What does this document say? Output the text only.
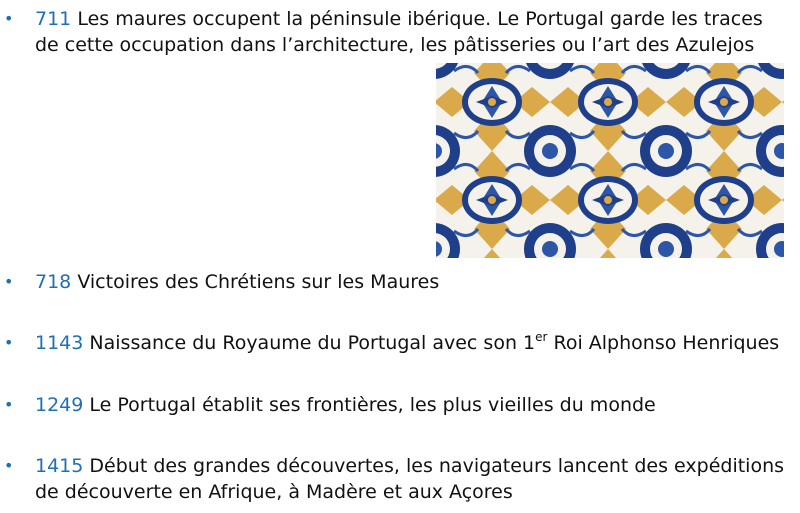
• 711 Les maures occupent la péninsule ibérique. Le Portugal garde les traces de cette occupation dans l’architecture, les pâtisseries ou l’art des Azulejos
• 718 Victoires des Chrétiens sur les Maures
• 1143 Naissance du Royaume du Portugal avec son 1er Roi Alphonso Henriques
• 1249 Le Portugal établit ses frontières, les plus vieilles du monde
• 1415 Début des grandes découvertes, les navigateurs lancent des expéditions de découverte en Afrique, à Madère et aux Açores
